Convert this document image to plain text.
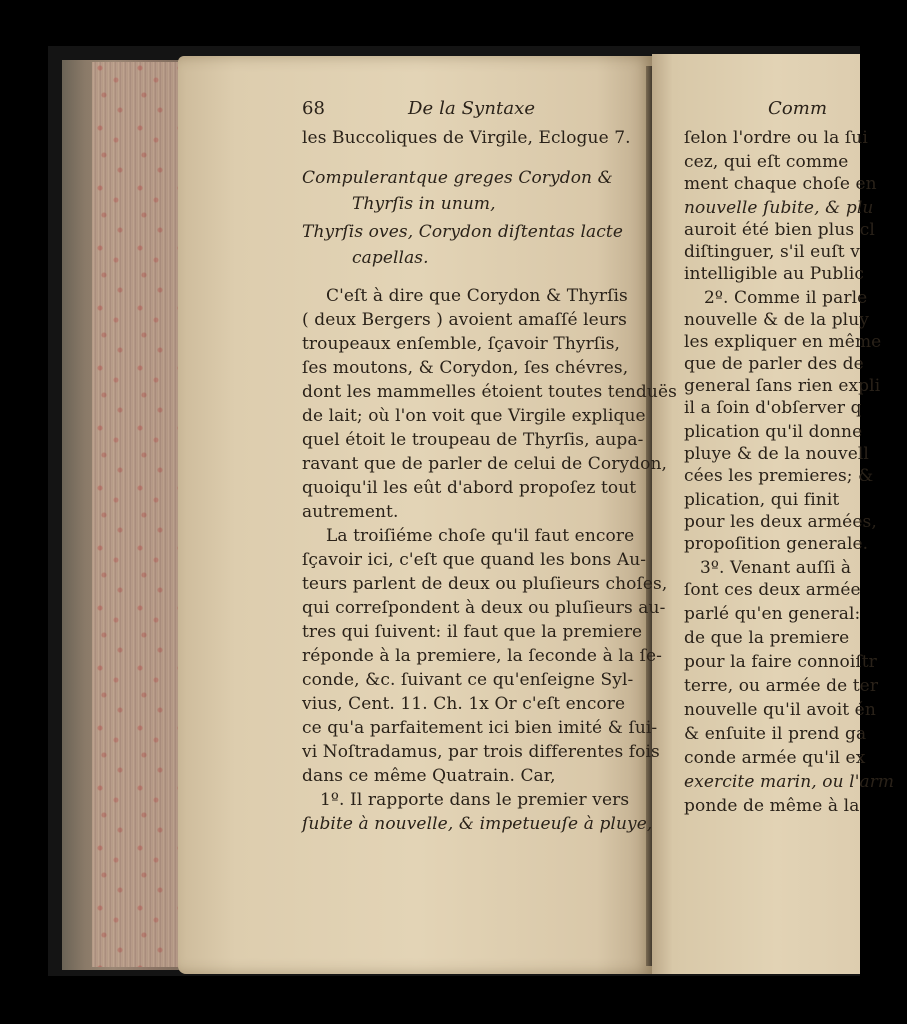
68	De la Syntaxe
les Buccoliques de Virgile, Eclogue 7.
Compulerantque greges Corydon &
Thyrſis in unum,
Thyrſis oves, Corydon diſtentas lacte
capellas.
C'eſt à dire que Corydon & Thyrſis
( deux Bergers ) avoient amaſſé leurs
troupeaux enſemble, ſçavoir Thyrſis,
ſes moutons, & Corydon, ſes chévres,
dont les mammelles étoient toutes tenduës
de lait; où l'on voit que Virgile explique
quel étoit le troupeau de Thyrſis, aupa-
ravant que de parler de celui de Corydon,
quoiqu'il les eût d'abord propoſez tout
autrement.
La troiſiéme choſe qu'il faut encore
ſçavoir ici, c'eſt que quand les bons Au-
teurs parlent de deux ou pluſieurs choſes,
qui correſpondent à deux ou pluſieurs au-
tres qui ſuivent: il faut que la premiere
réponde à la premiere, la ſeconde à la ſe-
conde, &c. ſuivant ce qu'enſeigne Syl-
vius, Cent. 11. Ch. 1x Or c'eſt encore
ce qu'a parfaitement ici bien imité & ſui-
vi Noſtradamus, par trois differentes fois
dans ce même Quatrain. Car,
1º. Il rapporte dans le premier vers
ſubite à nouvelle, & impetueuſe à pluye,
Comm
ſelon l'ordre ou la ſui
cez, qui eſt comme
ment chaque choſe en
nouvelle ſubite, & plu
auroit été bien plus cl
diſtinguer, s'il euſt v
intelligible au Public
2º. Comme il parle
nouvelle & de la pluy
les expliquer en même
que de parler des de
general ſans rien expli
il a ſoin d'obſerver q
plication qu'il donne
pluye & de la nouvell
cées les premieres; &
plication, qui finit
pour les deux armées,
propoſition generale.
3º. Venant auſſi à
ſont ces deux armée
parlé qu'en general:
de que la premiere
pour la faire connoiſtr
terre, ou armée de ter
nouvelle qu'il avoit én
& enſuite il prend ga
conde armée qu'il ex
exercite marin, ou l'arm
ponde de même à la
